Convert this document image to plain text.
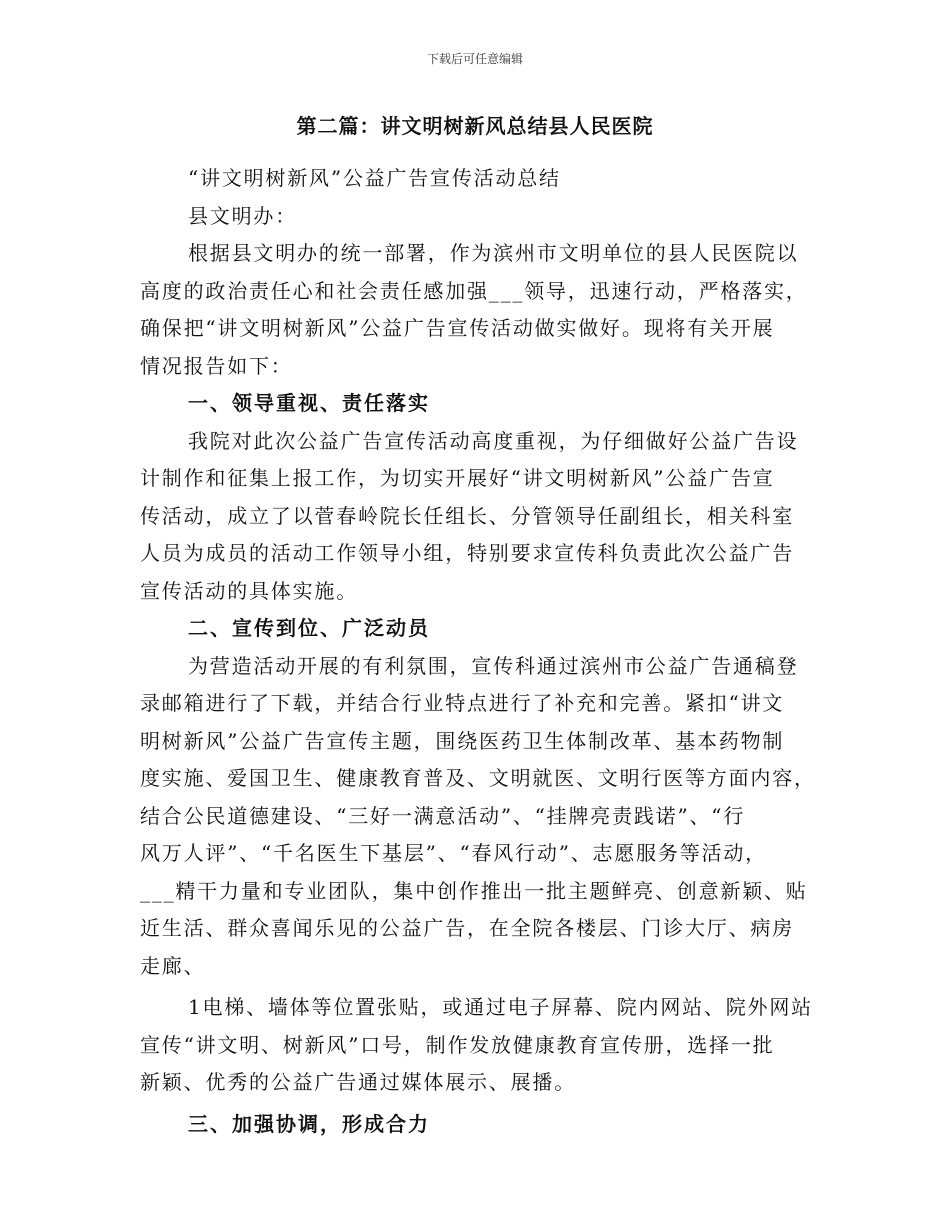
下载后可任意编辑
第二篇：讲文明树新风总结县人民医院

“讲文明树新风”公益广告宣传活动总结

县文明办：

根据县文明办的统一部署，作为滨州市文明单位的县人民医院以

高度的政治责任心和社会责任感加强___领导，迅速行动，严格落实，

确保把“讲文明树新风”公益广告宣传活动做实做好。现将有关开展

情况报告如下：

一、领导重视、责任落实

我院对此次公益广告宣传活动高度重视，为仔细做好公益广告设

计制作和征集上报工作，为切实开展好“讲文明树新风”公益广告宣

传活动，成立了以菅春岭院长任组长、分管领导任副组长，相关科室

人员为成员的活动工作领导小组，特别要求宣传科负责此次公益广告

宣传活动的具体实施。

二、宣传到位、广泛动员

为营造活动开展的有利氛围，宣传科通过滨州市公益广告通稿登

录邮箱进行了下载，并结合行业特点进行了补充和完善。紧扣“讲文

明树新风”公益广告宣传主题，围绕医药卫生体制改革、基本药物制

度实施、爱国卫生、健康教育普及、文明就医、文明行医等方面内容，

结合公民道德建设、“三好一满意活动”、“挂牌亮责践诺”、“行

风万人评”、“千名医生下基层”、“春风行动”、志愿服务等活动，

___精干力量和专业团队，集中创作推出一批主题鲜亮、创意新颖、贴

近生活、群众喜闻乐见的公益广告，在全院各楼层、门诊大厅、病房

走廊、

1电梯、墙体等位置张贴，或通过电子屏幕、院内网站、院外网站

宣传“讲文明、树新风”口号，制作发放健康教育宣传册，选择一批

新颖、优秀的公益广告通过媒体展示、展播。

三、加强协调，形成合力
